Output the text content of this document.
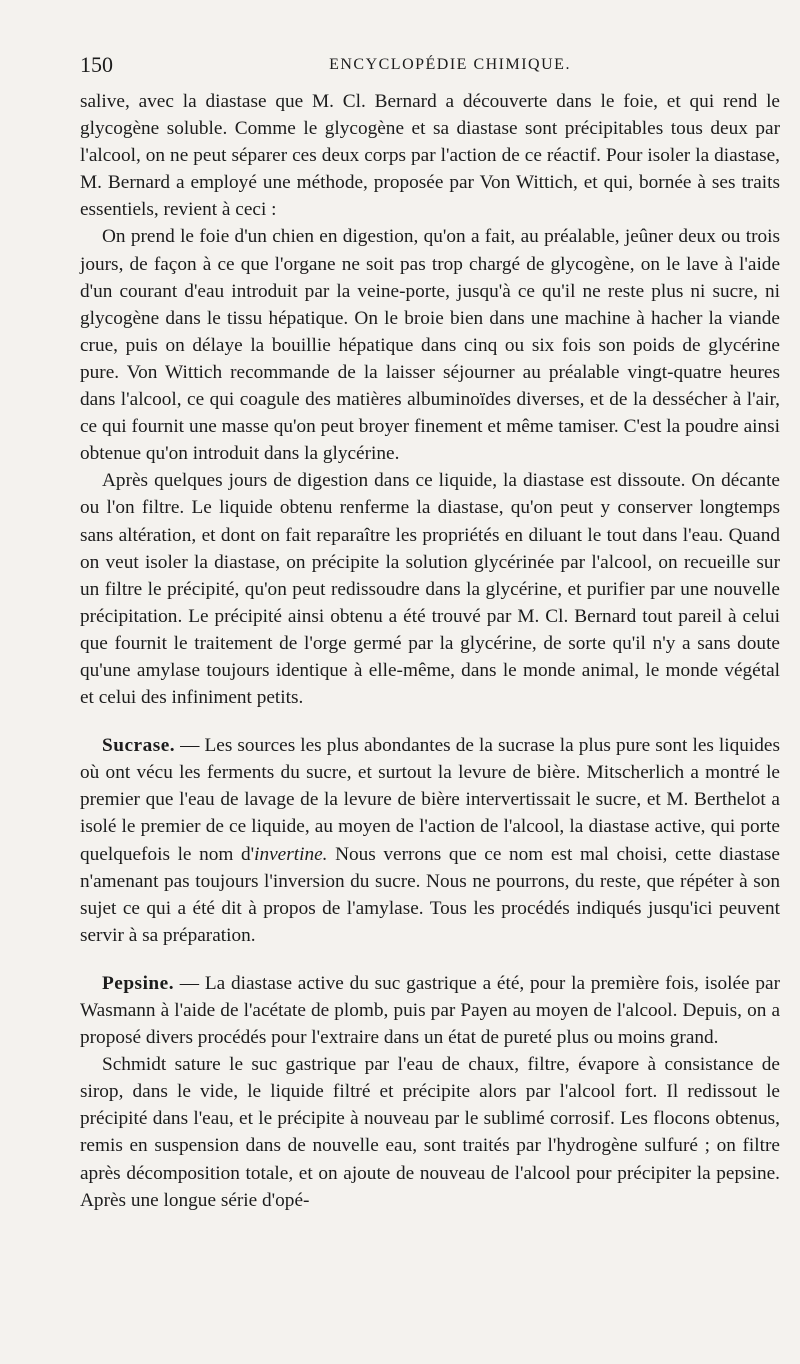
150	ENCYCLOPÉDIE CHIMIQUE.

salive, avec la diastase que M. Cl. Bernard a découverte dans le foie, et qui rend le glycogène soluble. Comme le glycogène et sa diastase sont précipitables tous deux par l'alcool, on ne peut séparer ces deux corps par l'action de ce réactif. Pour isoler la diastase, M. Bernard a employé une méthode, proposée par Von Wittich, et qui, bornée à ses traits essentiels, revient à ceci :

On prend le foie d'un chien en digestion, qu'on a fait, au préalable, jeûner deux ou trois jours, de façon à ce que l'organe ne soit pas trop chargé de glycogène, on le lave à l'aide d'un courant d'eau introduit par la veine-porte, jusqu'à ce qu'il ne reste plus ni sucre, ni glycogène dans le tissu hépatique. On le broie bien dans une machine à hacher la viande crue, puis on délaye la bouillie hépatique dans cinq ou six fois son poids de glycérine pure. Von Wittich recommande de la laisser séjourner au préalable vingt-quatre heures dans l'alcool, ce qui coagule des matières albuminoïdes diverses, et de la dessécher à l'air, ce qui fournit une masse qu'on peut broyer finement et même tamiser. C'est la poudre ainsi obtenue qu'on introduit dans la glycérine.

Après quelques jours de digestion dans ce liquide, la diastase est dissoute. On décante ou l'on filtre. Le liquide obtenu renferme la diastase, qu'on peut y conserver longtemps sans altération, et dont on fait reparaître les propriétés en diluant le tout dans l'eau. Quand on veut isoler la diastase, on précipite la solution glycérinée par l'alcool, on recueille sur un filtre le précipité, qu'on peut redissoudre dans la glycérine, et purifier par une nouvelle précipitation. Le précipité ainsi obtenu a été trouvé par M. Cl. Bernard tout pareil à celui que fournit le traitement de l'orge germé par la glycérine, de sorte qu'il n'y a sans doute qu'une amylase toujours identique à elle-même, dans le monde animal, le monde végétal et celui des infiniment petits.

Sucrase. — Les sources les plus abondantes de la sucrase la plus pure sont les liquides où ont vécu les ferments du sucre, et surtout la levure de bière. Mitscherlich a montré le premier que l'eau de lavage de la levure de bière intervertissait le sucre, et M. Berthelot a isolé le premier de ce liquide, au moyen de l'action de l'alcool, la diastase active, qui porte quelquefois le nom d'invertine. Nous verrons que ce nom est mal choisi, cette diastase n'amenant pas toujours l'inversion du sucre. Nous ne pourrons, du reste, que répéter à son sujet ce qui a été dit à propos de l'amylase. Tous les procédés indiqués jusqu'ici peuvent servir à sa préparation.

Pepsine. — La diastase active du suc gastrique a été, pour la première fois, isolée par Wasmann à l'aide de l'acétate de plomb, puis par Payen au moyen de l'alcool. Depuis, on a proposé divers procédés pour l'extraire dans un état de pureté plus ou moins grand.

Schmidt sature le suc gastrique par l'eau de chaux, filtre, évapore à consistance de sirop, dans le vide, le liquide filtré et précipite alors par l'alcool fort. Il redissout le précipité dans l'eau, et le précipite à nouveau par le sublimé corrosif. Les flocons obtenus, remis en suspension dans de nouvelle eau, sont traités par l'hydrogène sulfuré ; on filtre après décomposition totale, et on ajoute de nouveau de l'alcool pour précipiter la pepsine. Après une longue série d'opé-
